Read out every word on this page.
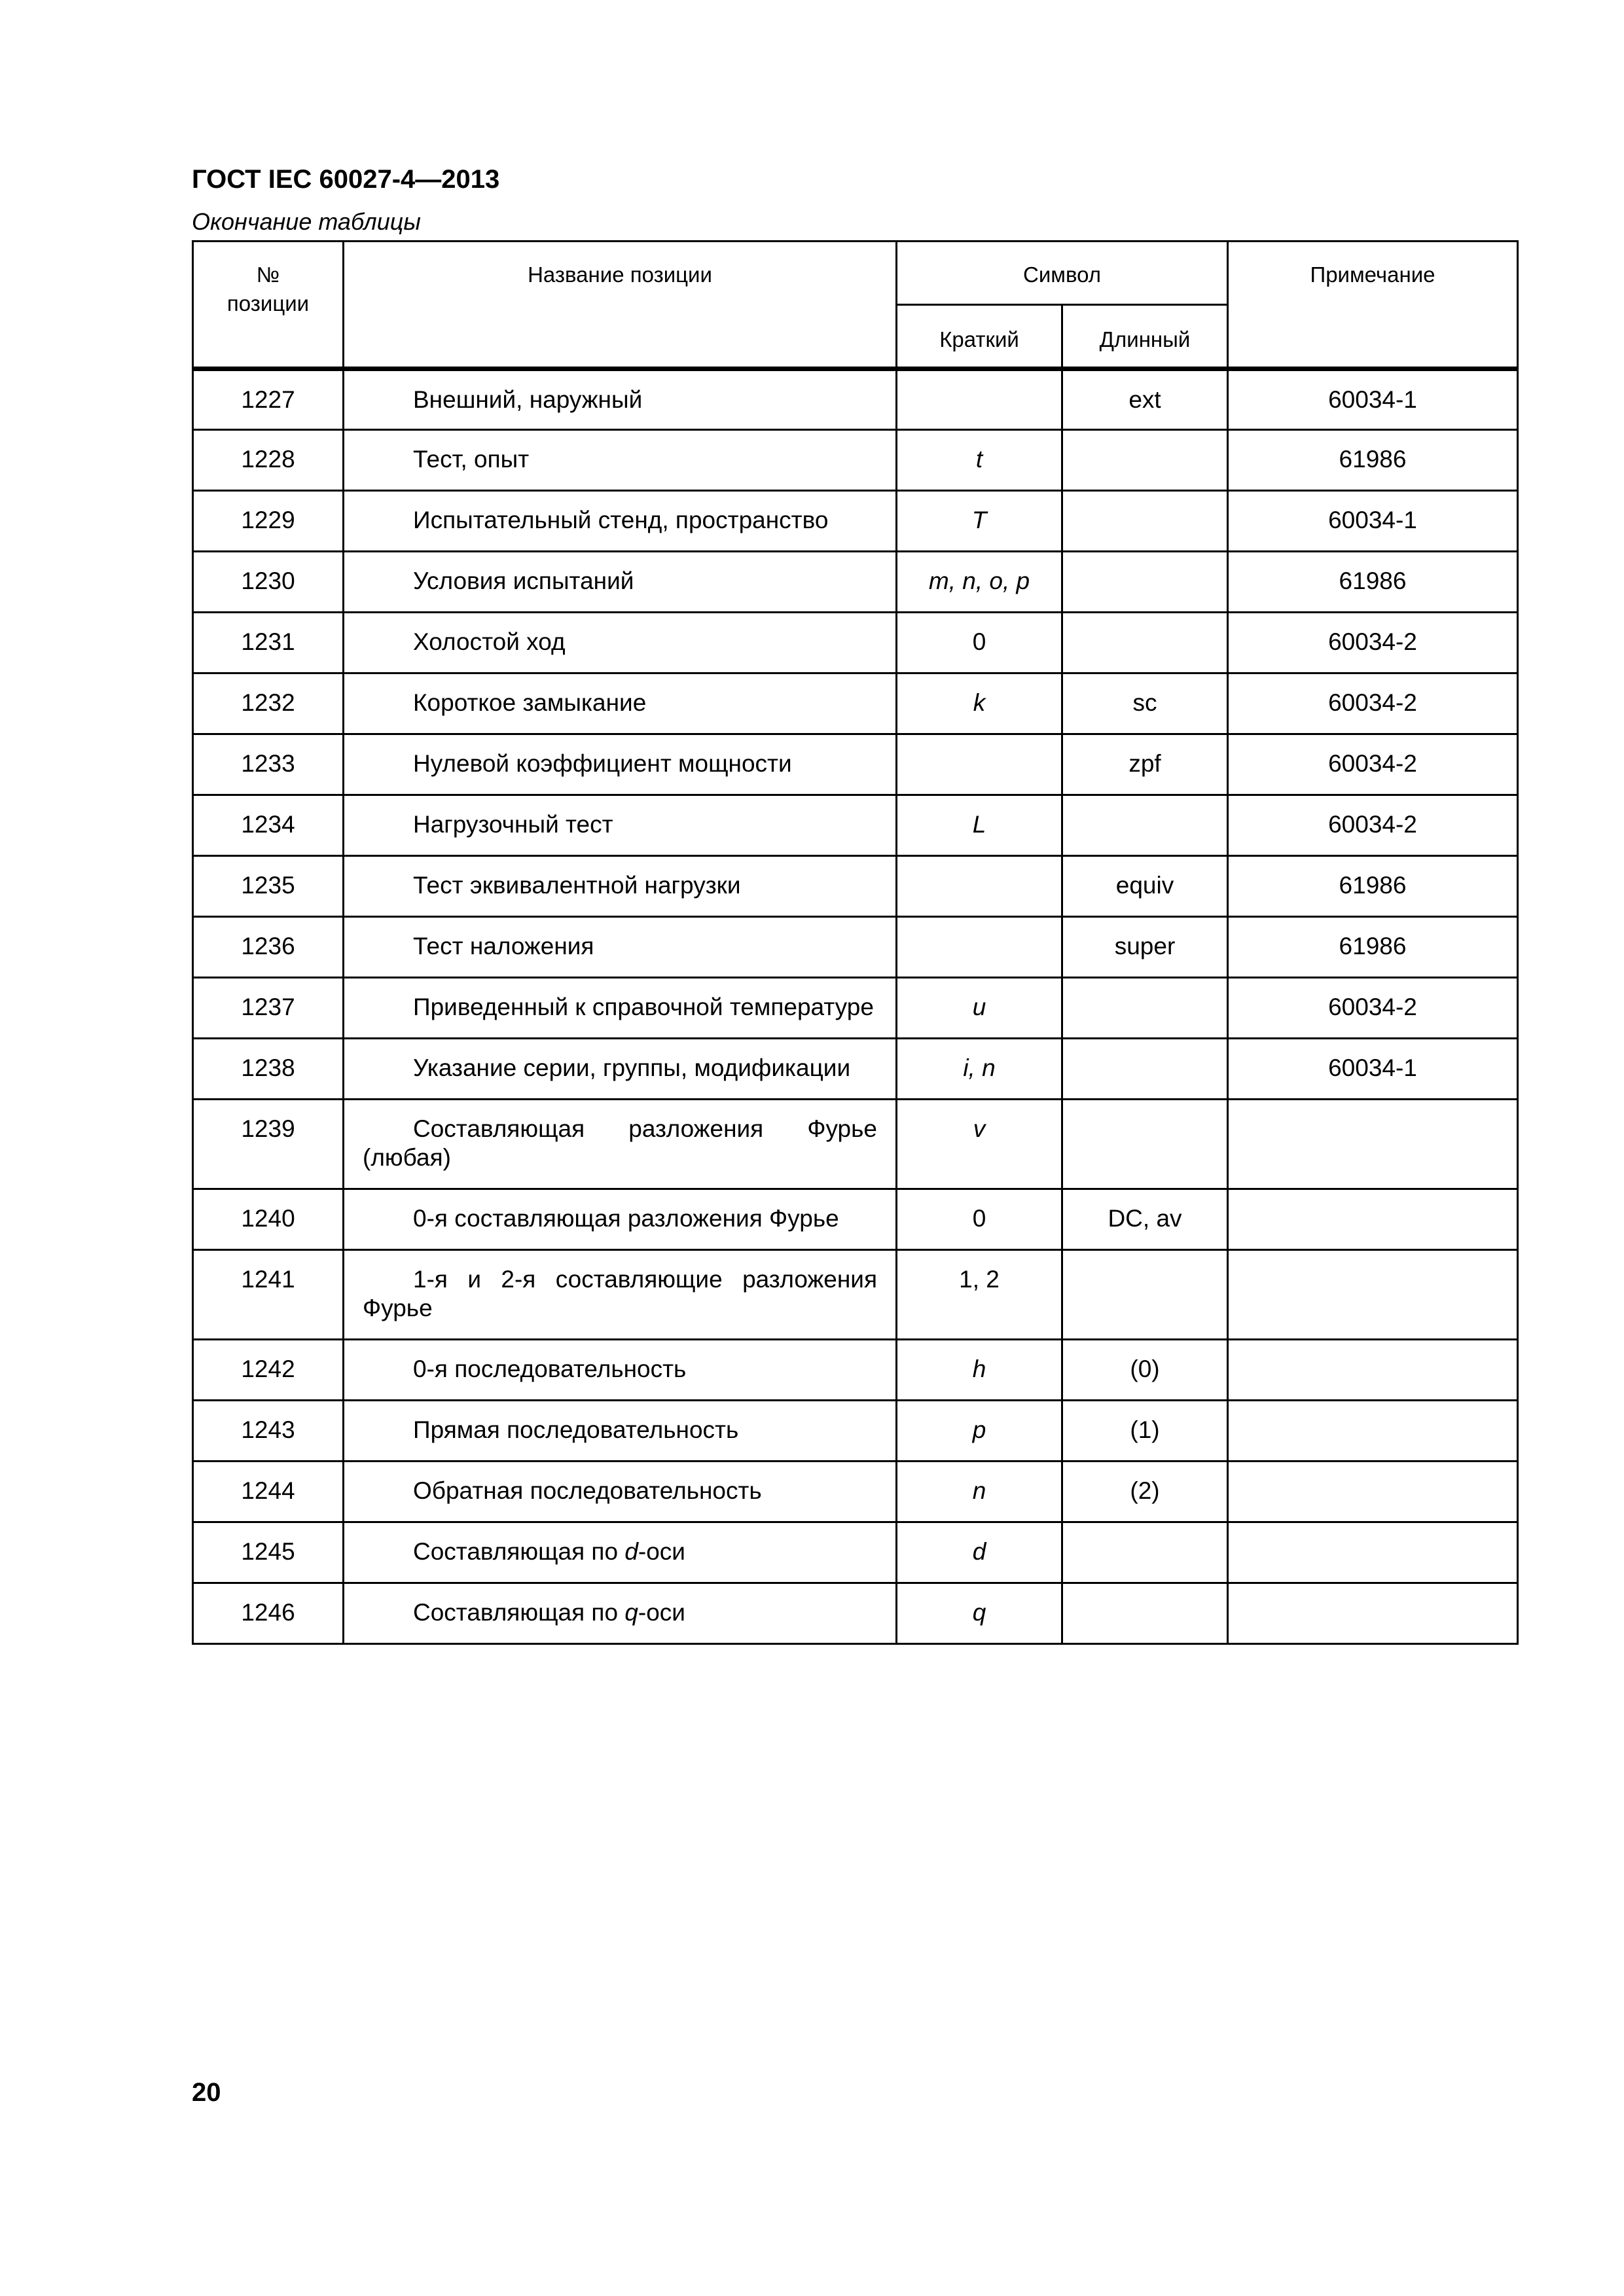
ГОСТ IEC 60027-4—2013
Окончание таблицы
№
позиции	Название позиции	Символ		Примечание
		Краткий	Длинный	
1227	Внешний, наружный		ext	60034-1
1228	Тест, опыт	t		61986
1229	Испытательный стенд, пространство	T		60034-1
1230	Условия испытаний	m, n, o, p		61986
1231	Холостой ход	0		60034-2
1232	Короткое замыкание	k	sc	60034-2
1233	Нулевой коэффициент мощности		zpf	60034-2
1234	Нагрузочный тест	L		60034-2
1235	Тест эквивалентной нагрузки		equiv	61986
1236	Тест наложения		super	61986
1237	Приведенный к справочной температуре	u		60034-2
1238	Указание серии, группы, модификации	i, n		60034-1
1239	Составляющая разложения Фурье (любая)	v		
1240	0-я составляющая разложения Фурье	0	DC, av	
1241	1-я и 2-я составляющие разложения Фурье	1, 2		
1242	0-я последовательность	h	(0)	
1243	Прямая последовательность	p	(1)	
1244	Обратная последовательность	n	(2)	
1245	Составляющая по d-оси	d		
1246	Составляющая по q-оси	q		
20
